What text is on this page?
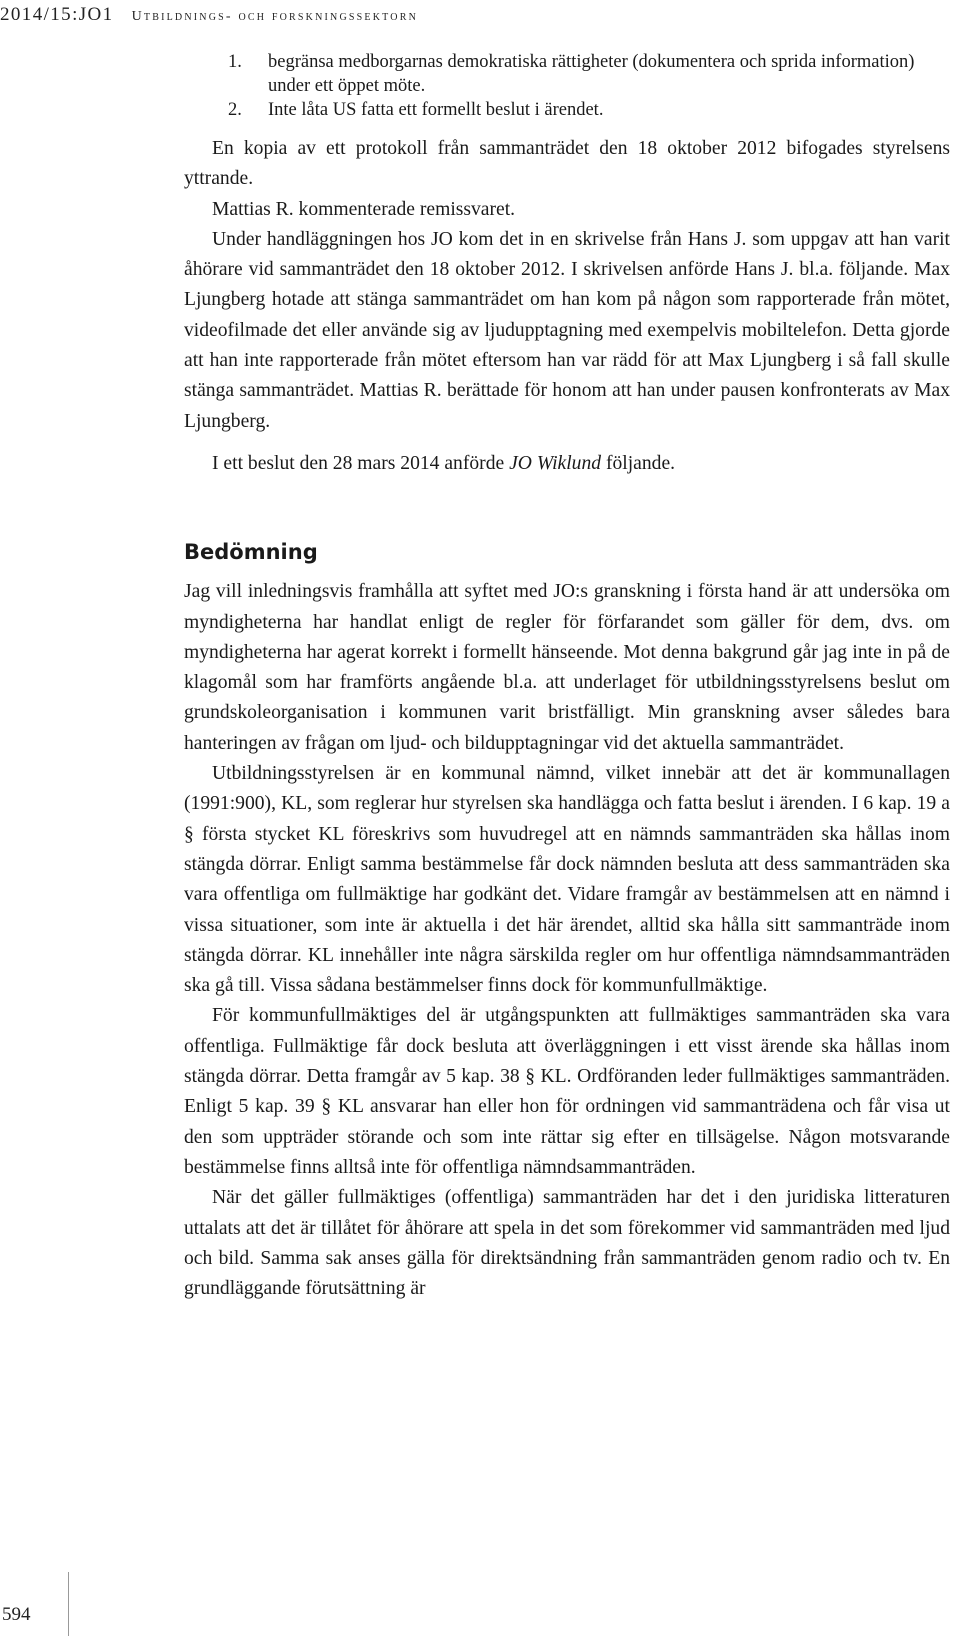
2014/15:JO1 Utbildnings- och forskningssektorn
1.	begränsa medborgarnas demokratiska rättigheter (dokumentera och sprida information) under ett öppet möte.
2.	Inte låta US fatta ett formellt beslut i ärendet.

En kopia av ett protokoll från sammanträdet den 18 oktober 2012 bifogades styrelsens yttrande.

Mattias R. kommenterade remissvaret.

Under handläggningen hos JO kom det in en skrivelse från Hans J. som uppgav att han varit åhörare vid sammanträdet den 18 oktober 2012. I skrivelsen anförde Hans J. bl.a. följande. Max Ljungberg hotade att stänga sammanträdet om han kom på någon som rapporterade från mötet, videofilmade det eller använde sig av ljudupptagning med exempelvis mobiltelefon. Detta gjorde att han inte rapporterade från mötet eftersom han var rädd för att Max Ljungberg i så fall skulle stänga sammanträdet. Mattias R. berättade för honom att han under pausen konfronterats av Max Ljungberg.

I ett beslut den 28 mars 2014 anförde JO Wiklund följande.

Bedömning

Jag vill inledningsvis framhålla att syftet med JO:s granskning i första hand är att undersöka om myndigheterna har handlat enligt de regler för förfarandet som gäller för dem, dvs. om myndigheterna har agerat korrekt i formellt hänseende. Mot denna bakgrund går jag inte in på de klagomål som har framförts angående bl.a. att underlaget för utbildningsstyrelsens beslut om grundskoleorganisation i kommunen varit bristfälligt. Min granskning avser således bara hanteringen av frågan om ljud- och bildupptagningar vid det aktuella sammanträdet.

Utbildningsstyrelsen är en kommunal nämnd, vilket innebär att det är kommunallagen (1991:900), KL, som reglerar hur styrelsen ska handlägga och fatta beslut i ärenden. I 6 kap. 19 a § första stycket KL föreskrivs som huvudregel att en nämnds sammanträden ska hållas inom stängda dörrar. Enligt samma bestämmelse får dock nämnden besluta att dess sammanträden ska vara offentliga om fullmäktige har godkänt det. Vidare framgår av bestämmelsen att en nämnd i vissa situationer, som inte är aktuella i det här ärendet, alltid ska hålla sitt sammanträde inom stängda dörrar. KL innehåller inte några särskilda regler om hur offentliga nämndsammanträden ska gå till. Vissa sådana bestämmelser finns dock för kommunfullmäktige.

För kommunfullmäktiges del är utgångspunkten att fullmäktiges sammanträden ska vara offentliga. Fullmäktige får dock besluta att överläggningen i ett visst ärende ska hållas inom stängda dörrar. Detta framgår av 5 kap. 38 § KL. Ordföranden leder fullmäktiges sammanträden. Enligt 5 kap. 39 § KL ansvarar han eller hon för ordningen vid sammanträdena och får visa ut den som uppträder störande och som inte rättar sig efter en tillsägelse. Någon motsvarande bestämmelse finns alltså inte för offentliga nämndsammanträden.

När det gäller fullmäktiges (offentliga) sammanträden har det i den juridiska litteraturen uttalats att det är tillåtet för åhörare att spela in det som förekommer vid sammanträden med ljud och bild. Samma sak anses gälla för direktsändning från sammanträden genom radio och tv. En grundläggande förutsättning är

594
